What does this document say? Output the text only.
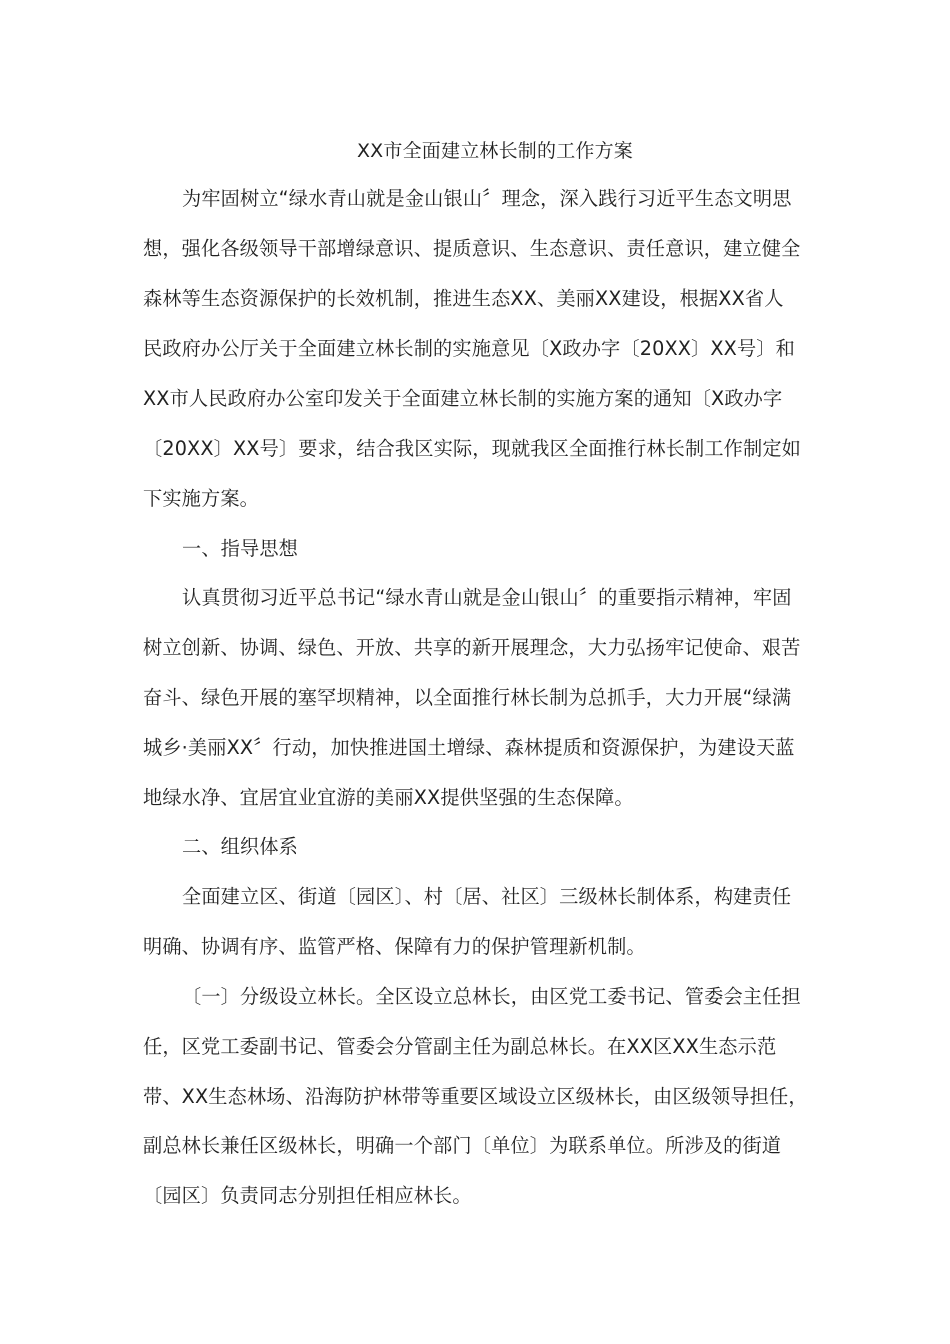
XX市全面建立林长制的工作方案
为牢固树立“绿水青山就是金山银山〞理念，深入践行习近平生态文明思
想，强化各级领导干部增绿意识、提质意识、生态意识、责任意识，建立健全
森林等生态资源保护的长效机制，推进生态XX、美丽XX建设，根据XX省人
民政府办公厅关于全面建立林长制的实施意见〔X政办字〔20XX〕XX号〕和
XX市人民政府办公室印发关于全面建立林长制的实施方案的通知〔X政办字
〔20XX〕XX号〕要求，结合我区实际，现就我区全面推行林长制工作制定如
下实施方案。
一、指导思想
认真贯彻习近平总书记“绿水青山就是金山银山〞的重要指示精神，牢固
树立创新、协调、绿色、开放、共享的新开展理念，大力弘扬牢记使命、艰苦
奋斗、绿色开展的塞罕坝精神，以全面推行林长制为总抓手，大力开展“绿满
城乡·美丽XX〞行动，加快推进国土增绿、森林提质和资源保护，为建设天蓝
地绿水净、宜居宜业宜游的美丽XX提供坚强的生态保障。
二、组织体系
全面建立区、街道〔园区〕、村〔居、社区〕三级林长制体系，构建责任
明确、协调有序、监管严格、保障有力的保护管理新机制。
〔一〕分级设立林长。全区设立总林长，由区党工委书记、管委会主任担
任，区党工委副书记、管委会分管副主任为副总林长。在XX区XX生态示范
带、XX生态林场、沿海防护林带等重要区域设立区级林长，由区级领导担任，
副总林长兼任区级林长，明确一个部门〔单位〕为联系单位。所涉及的街道
〔园区〕负责同志分别担任相应林长。
